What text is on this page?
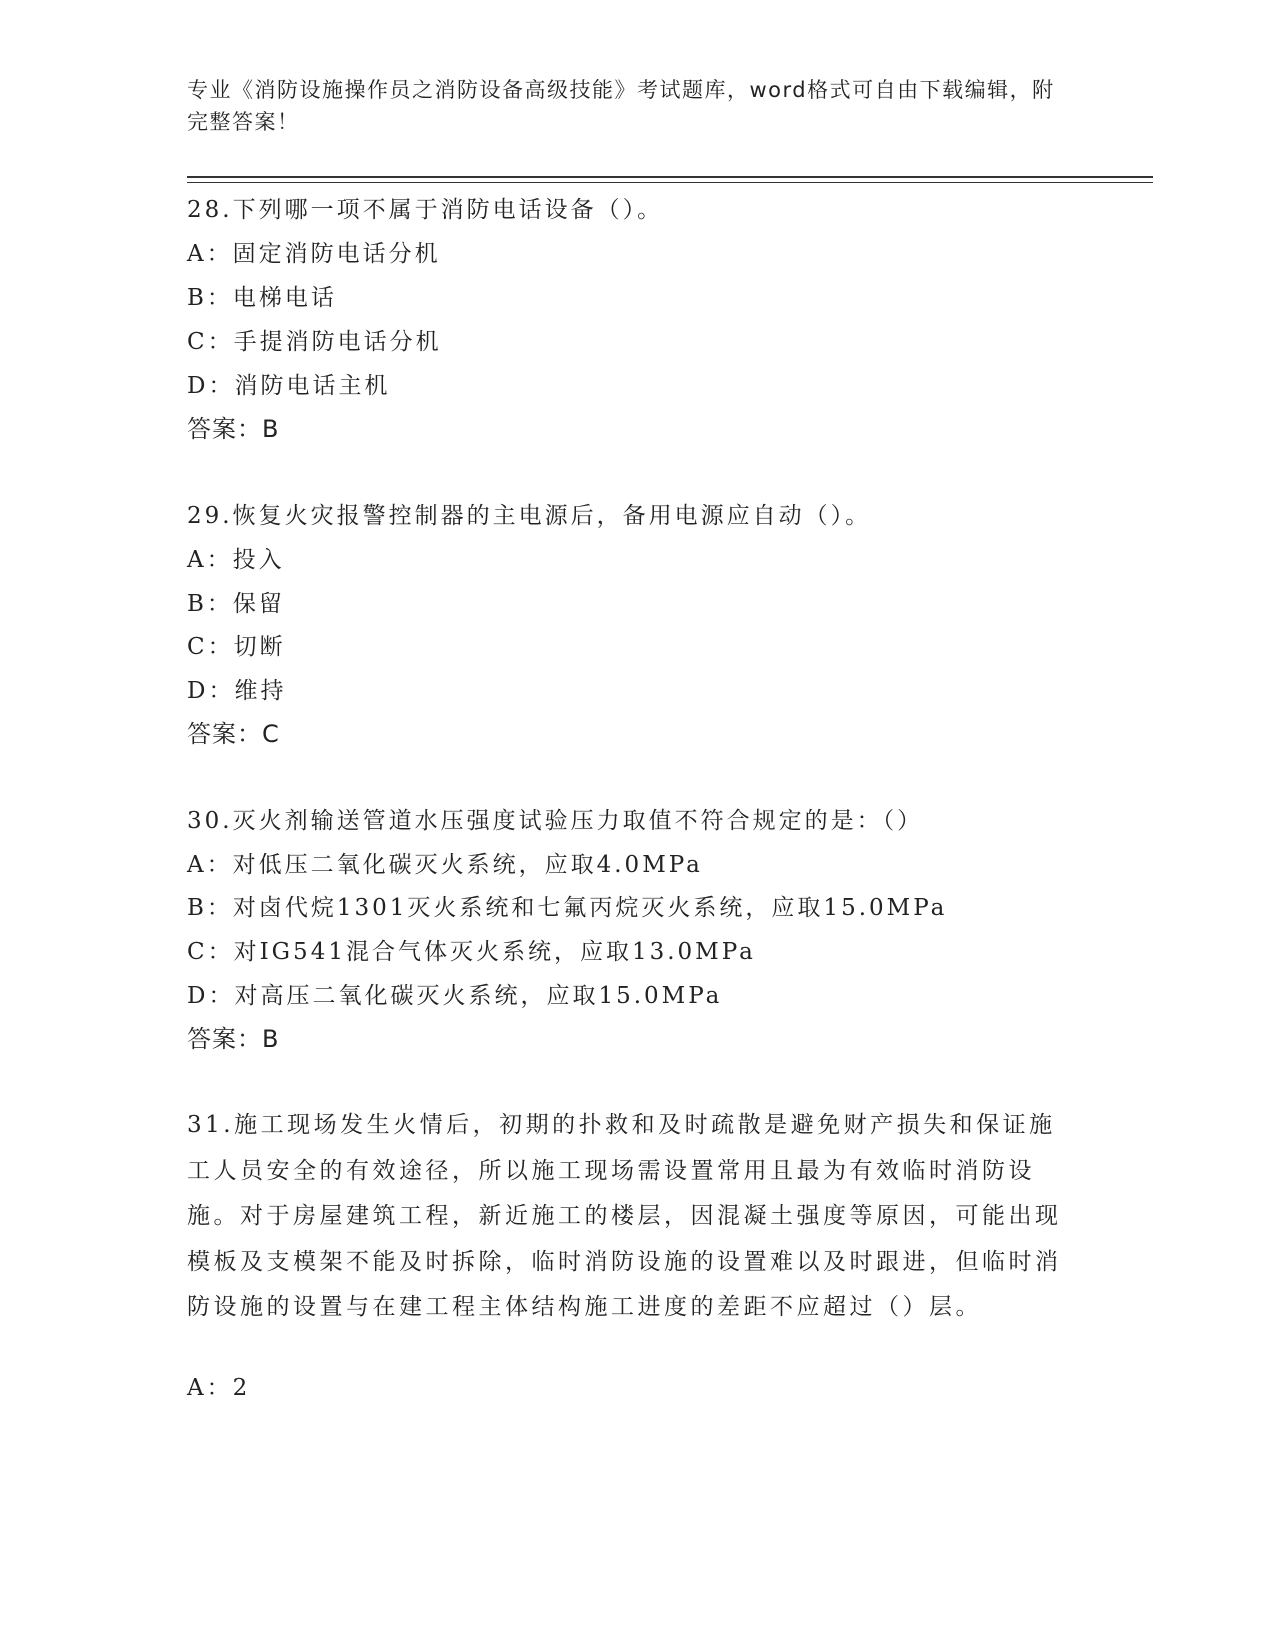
专业《消防设施操作员之消防设备高级技能》考试题库，word格式可自由下载编辑，附完整答案！
28.下列哪一项不属于消防电话设备（）。
A：固定消防电话分机
B：电梯电话
C：手提消防电话分机
D：消防电话主机
答案：B
29.恢复火灾报警控制器的主电源后，备用电源应自动（）。
A：投入
B：保留
C：切断
D：维持
答案：C
30.灭火剂输送管道水压强度试验压力取值不符合规定的是：（）
A：对低压二氧化碳灭火系统，应取4.0MPa
B：对卤代烷1301灭火系统和七氟丙烷灭火系统，应取15.0MPa
C：对IG541混合气体灭火系统，应取13.0MPa
D：对高压二氧化碳灭火系统，应取15.0MPa
答案：B
31.施工现场发生火情后，初期的扑救和及时疏散是避免财产损失和保证施工人员安全的有效途径，所以施工现场需设置常用且最为有效临时消防设施。对于房屋建筑工程，新近施工的楼层，因混凝土强度等原因，可能出现模板及支模架不能及时拆除，临时消防设施的设置难以及时跟进，但临时消防设施的设置与在建工程主体结构施工进度的差距不应超过（）层。
A：2
